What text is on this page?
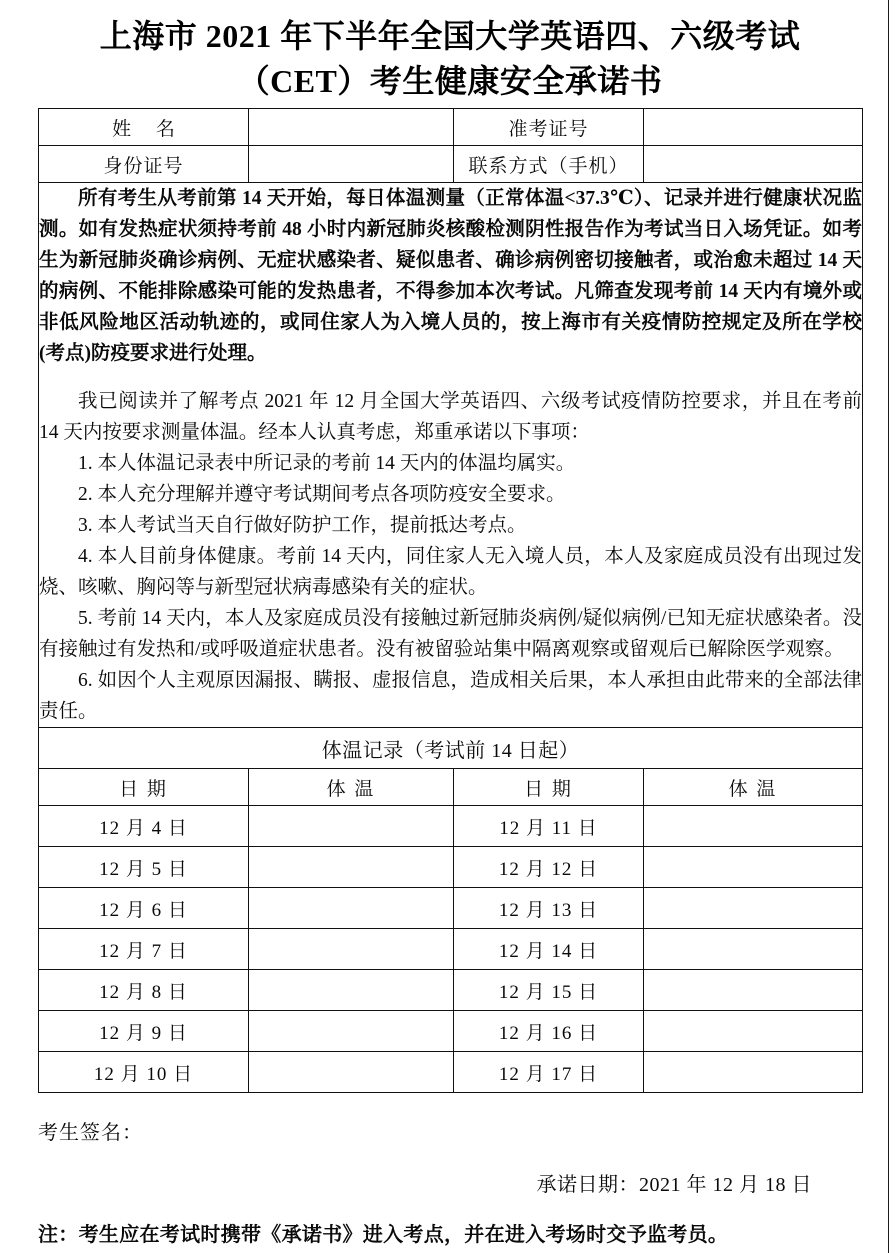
上海市 2021 年下半年全国大学英语四、六级考试
（CET）考生健康安全承诺书
姓 名		准考证号	
身份证号		联系方式（手机）	

所有考生从考前第 14 天开始，每日体温测量（正常体温<37.3℃）、记录并进行健康状况监测。如有发热症状须持考前 48 小时内新冠肺炎核酸检测阴性报告作为考试当日入场凭证。如考生为新冠肺炎确诊病例、无症状感染者、疑似患者、确诊病例密切接触者，或治愈未超过 14 天的病例、不能排除感染可能的发热患者，不得参加本次考试。凡筛查发现考前 14 天内有境外或非低风险地区活动轨迹的，或同住家人为入境人员的，按上海市有关疫情防控规定及所在学校(考点)防疫要求进行处理。

我已阅读并了解考点 2021 年 12 月全国大学英语四、六级考试疫情防控要求，并且在考前 14 天内按要求测量体温。经本人认真考虑，郑重承诺以下事项：

1. 本人体温记录表中所记录的考前 14 天内的体温均属实。

2. 本人充分理解并遵守考试期间考点各项防疫安全要求。

3. 本人考试当天自行做好防护工作，提前抵达考点。

4. 本人目前身体健康。考前 14 天内，同住家人无入境人员，本人及家庭成员没有出现过发烧、咳嗽、胸闷等与新型冠状病毒感染有关的症状。

5. 考前 14 天内，本人及家庭成员没有接触过新冠肺炎病例/疑似病例/已知无症状感染者。没有接触过有发热和/或呼吸道症状患者。没有被留验站集中隔离观察或留观后已解除医学观察。

6. 如因个人主观原因漏报、瞒报、虚报信息，造成相关后果，本人承担由此带来的全部法律责任。

体温记录（考试前 14 日起）			
日 期	体 温	日 期	体 温
12 月 4 日		12 月 11 日	
12 月 5 日		12 月 12 日	
12 月 6 日		12 月 13 日	
12 月 7 日		12 月 14 日	
12 月 8 日		12 月 15 日	
12 月 9 日		12 月 16 日	
12 月 10 日		12 月 17 日	
考生签名：
承诺日期：2021 年 12 月 18 日
注：考生应在考试时携带《承诺书》进入考点，并在进入考场时交予监考员。
